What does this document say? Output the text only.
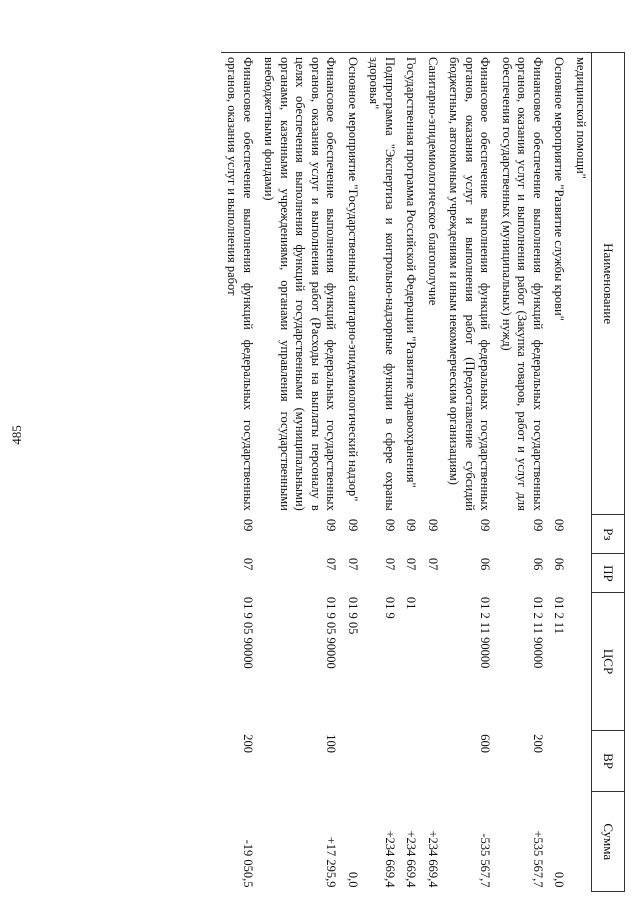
485
Наименование	Рз	ПР	ЦСР	ВР	Сумма
медицинской помощи"					
Основное мероприятие "Развитие службы крови"	09	06	01 2 11		0,0
Финансовое обеспечение выполнения функций федеральных государственных органов, оказания услуг и выполнения работ (Закупка товаров, работ и услуг для обеспечения государственных (муниципальных) нужд)	09	06	01 2 11 90000	200	+535 567,7
Финансовое обеспечение выполнения функций федеральных государственных органов, оказания услуг и выполнения работ (Предоставление субсидий бюджетным, автономным учреждениям и иным некоммерческим организациям)	09	06	01 2 11 90000	600	-535 567,7
Санитарно-эпидемиологическое благополучие	09	07			+234 669,4
Государственная программа Российской Федерации "Развитие здравоохранения"	09	07	01		+234 669,4
Подпрограмма "Экспертиза и контрольно-надзорные функции в сфере охраны здоровья"	09	07	01 9		+234 669,4
Основное мероприятие "Государственный санитарно-эпидемиологический надзор"	09	07	01 9 05		0,0
Финансовое обеспечение выполнения функций федеральных государственных органов, оказания услуг и выполнения работ (Расходы на выплаты персоналу в целях обеспечения выполнения функций государственными (муниципальными) органами, казенными учреждениями, органами управления государственными внебюджетными фондами)	09	07	01 9 05 90000	100	+17 295,9
Финансовое обеспечение выполнения функций федеральных государственных органов, оказания услуг и выполнения работ	09	07	01 9 05 90000	200	-19 050,5
